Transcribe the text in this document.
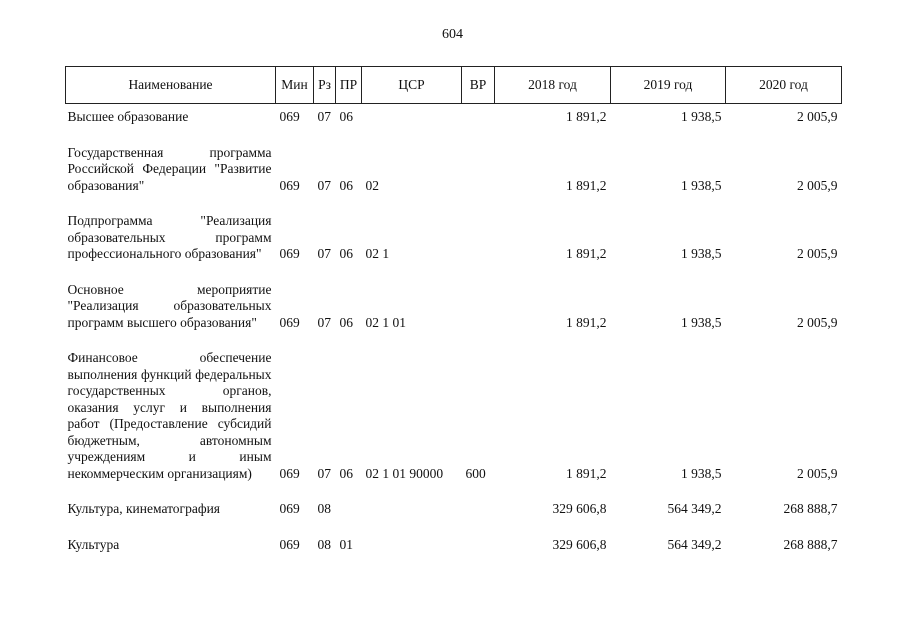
604
Наименование	Мин	Рз	ПР	ЦСР	ВР	2018 год	2019 год	2020 год
Высшее образование	069	07	06			1 891,2	1 938,5	2 005,9
Государственная программа Российской Федерации "Развитие образования"	069	07	06	02		1 891,2	1 938,5	2 005,9
Подпрограмма "Реализация образовательных программ профессионального образования"	069	07	06	02 1		1 891,2	1 938,5	2 005,9
Основное мероприятие "Реализация образовательных программ высшего образования"	069	07	06	02 1 01		1 891,2	1 938,5	2 005,9
Финансовое обеспечение выполнения функций федеральных государственных органов, оказания услуг и выполнения работ (Предоставление субсидий бюджетным, автономным учреждениям и иным некоммерческим организациям)	069	07	06	02 1 01 90000	600	1 891,2	1 938,5	2 005,9
Культура, кинематография	069	08				329 606,8	564 349,2	268 888,7
Культура	069	08	01			329 606,8	564 349,2	268 888,7
